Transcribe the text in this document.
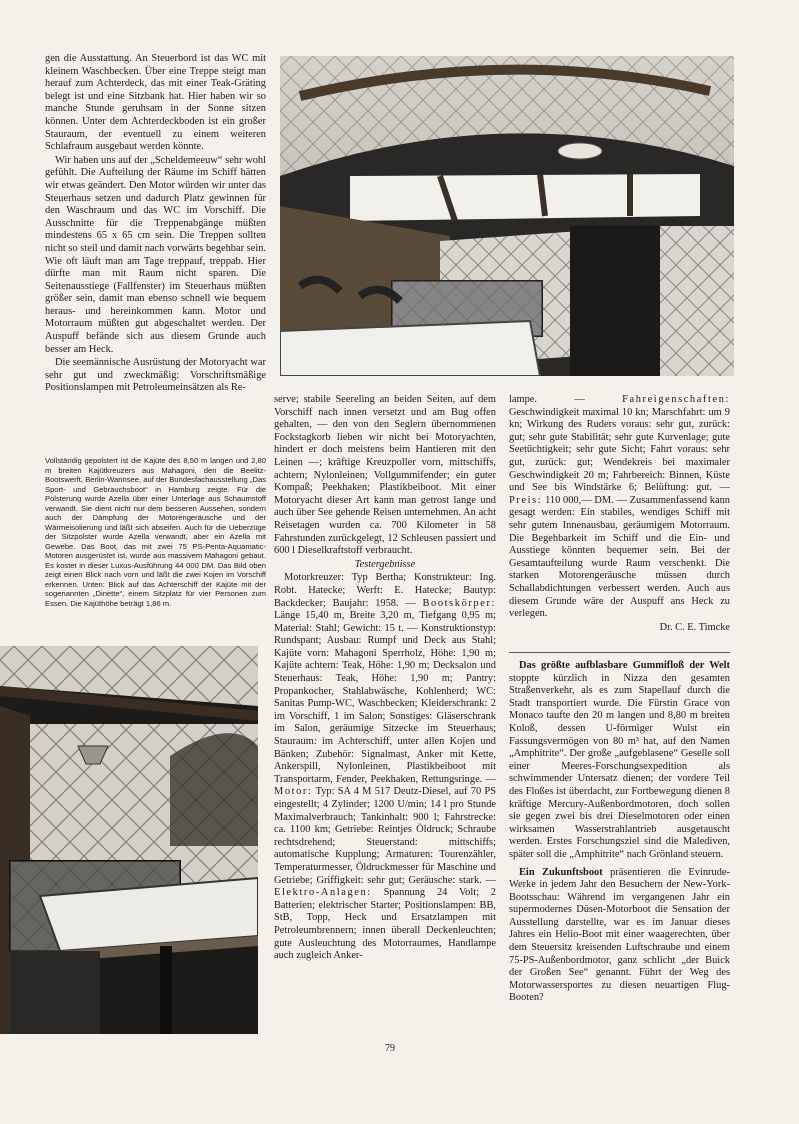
gen die Ausstattung. An Steuerbord ist das WC mit kleinem Waschbecken. Über eine Treppe steigt man herauf zum Achterdeck, das mit einer Teak-Gräting belegt ist und eine Sitzbank hat. Hier haben wir so manche Stunde geruhsam in der Sonne sitzen können. Unter dem Achterdeckboden ist ein großer Stauraum, der eventuell zu einem weiteren Schlafraum ausgebaut werden könnte.

Wir haben uns auf der „Scheldemeeuw“ sehr wohl gefühlt. Die Aufteilung der Räume im Schiff hätten wir etwas geändert. Den Motor würden wir unter das Steuerhaus setzen und dadurch Platz gewinnen für den Waschraum und das WC im Vorschiff. Die Ausschnitte für die Treppenabgänge müßten mindestens 65 x 65 cm sein. Die Treppen sollten nicht so steil und damit nach vorwärts begehbar sein. Wie oft läuft man am Tage treppauf, treppab. Hier dürfte man mit Raum nicht sparen. Die Seitenausstiege (Fallfenster) im Steuerhaus müßten größer sein, damit man ebenso schnell wie bequem heraus- und hereinkommen kann. Motor und Motorraum müßten gut abgeschaltet werden. Der Auspuff befände sich aus diesem Grunde auch besser am Heck.

Die seemännische Ausrüstung der Motoryacht war sehr gut und zweckmäßig: Vorschriftsmäßige Positionslampen mit Petroleumeinsätzen als Re-

Vollständig gepolstert ist die Kajüte des 8,50 m langen und 2,80 m breiten Kajütkreuzers aus Mahagoni, den die Beelitz-Bootswerft, Berlin-Wannsee, auf der Bundesfachausstellung „Das Sport- und Gebrauchsboot“ in Hamburg zeigte. Für die Polsterung wurde Azella über einer Unterlage aus Schaumstoff verwandt. Sie dient nicht nur dem besseren Aussehen, sondern auch der Dämpfung der Motorengeräusche und der Wärmeisolierung und läßt sich abseifen. Auch für die Ueberzüge der Sitzpolster wurde Azella verwandt, aber ein Azella mit Gewebe. Das Boot, das mit zwei 75 PS-Penta-Aquamatic-Motoren ausgerüstet ist, wurde aus massivem Mahagoni gebaut. Es kostet in dieser Luxus-Ausführung 44 000 DM. Das Bild oben zeigt einen Blick nach vorn und läßt die zwei Kojen im Vorschiff erkennen. Unten: Blick auf das Achterschiff der Kajüte mit der sogenannten „Dinette“, einem Sitzplatz für vier Personen zum Essen. Die Kajüthöhe beträgt 1,86 m.

serve; stabile Seereling an beiden Seiten, auf dem Vorschiff nach innen versetzt und am Bug offen gehalten, — den von den Seglern übernommenen Fockstagkorb lieben wir nicht bei Motoryachten, hindert er doch meistens beim Hantieren mit den Leinen —; kräftige Kreuzpoller vorn, mittschiffs, achtern; Nylonleinen; Vollgummifender; ein guter Kompaß; Peekhaken; Plastikbeiboot. Mit einer Motoryacht dieser Art kann man getrost lange und auch über See gehende Reisen unternehmen. An acht Reisetagen wurden ca. 700 Kilometer in 58 Fahrstunden zurückgelegt, 12 Schleusen passiert und 600 l Dieselkraftstoff verbraucht.

Testergebnisse

Motorkreuzer: Typ Bertha; Konstrukteur: Ing. Robt. Hatecke; Werft: E. Hatecke; Bautyp: Backdecker; Baujahr: 1958. — Bootskörper: Länge 15,40 m, Breite 3,20 m, Tiefgang 0,95 m; Material: Stahl; Gewicht: 15 t. — Konstruktionstyp: Rundspant; Ausbau: Rumpf und Deck aus Stahl; Kajüte vorn: Mahagoni Sperrholz, Höhe: 1,90 m; Kajüte achtern: Teak, Höhe: 1,90 m; Decksalon und Steuerhaus: Teak, Höhe: 1,90 m; Pantry: Propankocher, Stahlabwäsche, Kohlenherd; WC: Sanitas Pump-WC, Waschbecken; Kleiderschrank: 2 im Vorschiff, 1 im Salon; Sonstiges: Gläserschrank im Salon, geräumige Sitzecke im Steuerhaus; Stauraum: im Achterschiff, unter allen Kojen und Bänken; Zubehör: Signalmast, Anker mit Kette, Ankerspill, Nylonleinen, Plastikbeiboot mit Transportarm, Fender, Peekhaken, Rettungsringe. — Motor: Typ: SA 4 M 517 Deutz-Diesel, auf 70 PS eingestellt; 4 Zylinder; 1200 U/min; 14 l pro Stunde Maximalverbrauch; Tankinhalt: 900 l; Fahrstrecke: ca. 1100 km; Getriebe: Reintjes Öldruck; Schraube rechtsdrehend; Steuerstand: mittschiffs; automatische Kupplung; Armaturen: Tourenzähler, Temperaturmesser, Öldruckmesser für Maschine und Getriebe; Griffigkeit: sehr gut; Geräusche: stark. — Elektro-Anlagen: Spannung 24 Volt; 2 Batterien; elektrischer Starter; Positionslampen: BB, StB, Topp, Heck und Ersatzlampen mit Petroleumbrennern; innen überall Deckenleuchten; gute Ausleuchtung des Motorraumes, Handlampe auch zugleich Anker-

lampe. —	Fahreigenschaften: Geschwindigkeit maximal 10 kn; Marschfahrt: um 9 kn; Wirkung des Ruders voraus: sehr gut, zurück: gut; sehr gute Stabilität; sehr gute Kurvenlage; gute Seetüchtigkeit; sehr gute Sicht; Fahrt voraus: sehr gut, zurück: gut; Wendekreis bei maximaler Geschwindigkeit 20 m; Fahrbereich: Binnen, Küste und See bis Windstärke 6; Belüftung: gut. — Preis: 110 000,— DM. — Zusammenfassend kann gesagt werden: Ein stabiles, wendiges Schiff mit sehr gutem Innenausbau, geräumigem Motorraum. Die Begehbarkeit im Schiff und die Ein- und Ausstiege könnten bequemer sein. Bei der Gesamtaufteilung wurde Raum verschenkt. Die starken Motorengeräusche müssen durch Schallabdichtungen verbessert werden. Auch aus diesem Grunde wäre der Auspuff ans Heck zu verlegen.

Dr. C. E. Timcke

Das größte aufblasbare Gummifloß der Welt stoppte kürzlich in Nizza den gesamten Straßenverkehr, als es zum Stapellauf durch die Stadt transportiert wurde. Die Fürstin Grace von Monaco taufte den 20 m langen und 8,80 m breiten Koloß, dessen U-förmiger Wulst ein Fassungsvermögen von 80 m³ hat, auf den Namen „Amphitrite“. Der große „aufgeblasene“ Geselle soll einer Meeres-Forschungsexpedition als schwimmender Untersatz dienen; der vordere Teil des Floßes ist überdacht, zur Fortbewegung dienen 8 kräftige Mercury-Außenbordmotoren, doch sollen sie gegen zwei bis drei Dieselmotoren oder einen wirksamen Wasserstrahlantrieb ausgetauscht werden. Erstes Forschungsziel sind die Malediven, später soll die „Amphitrite“ nach Grönland steuern.

Ein Zukunftsboot präsentieren die Evinrude-Werke in jedem Jahr den Besuchern der New-York-Bootsschau: Während im vergangenen Jahr ein supermodernes Düsen-Motorboot die Sensation der Ausstellung darstellte, war es im Januar dieses Jahres ein Helio-Boot mit einer waagerechten, über dem Steuersitz kreisenden Luftschraube und einem 75-PS-Außenbordmotor, ganz schlicht „der Buick der Großen See“ genannt. Führt der Weg des Motorwassersportes zu diesen neuartigen Flug-Booten?

79
